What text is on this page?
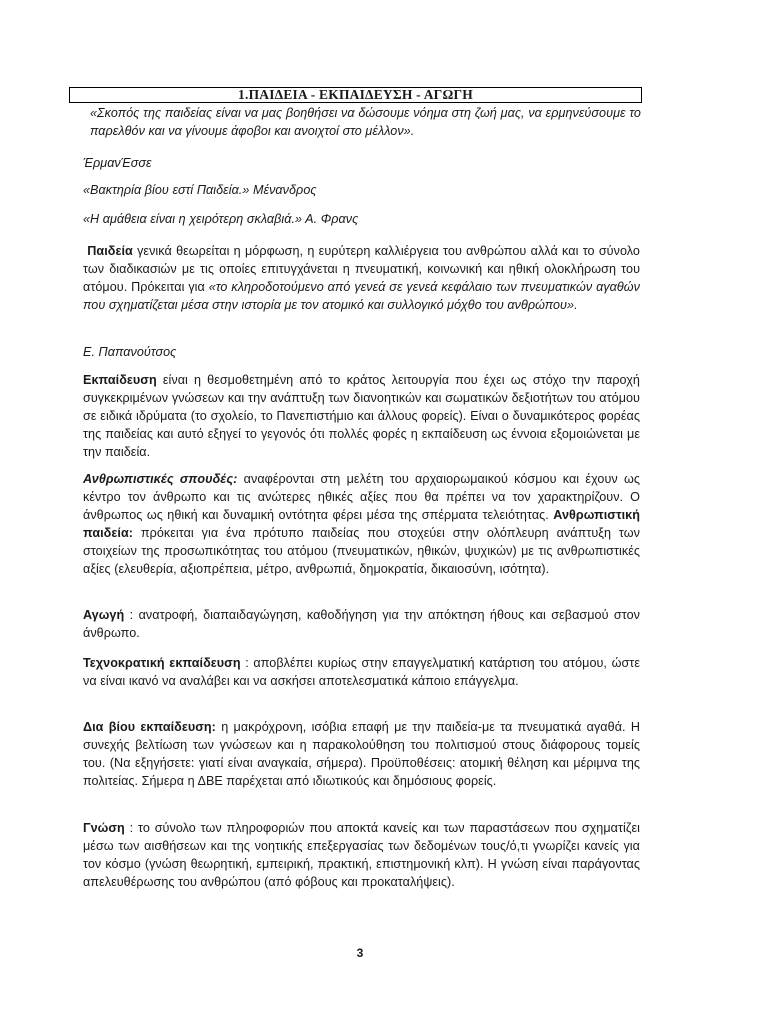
1.ΠΑΙΔΕΙΑ - ΕΚΠΑΙΔΕΥΣΗ - ΑΓΩΓΗ
«Σκοπός της παιδείας είναι να μας βοηθήσει να δώσουμε νόημα στη ζωή μας, να ερμηνεύσουμε το παρελθόν και να γίνουμε άφοβοι και ανοιχτοί στο μέλλον».
ΈρμανΈσσε
«Βακτηρία βίου εστί Παιδεία.» Μένανδρος
«Η αμάθεια είναι η χειρότερη σκλαβιά.» Α. Φρανς
Παιδεία γενικά θεωρείται η μόρφωση, η ευρύτερη καλλιέργεια του ανθρώπου αλλά και το σύνολο των διαδικασιών με τις οποίες επιτυγχάνεται η πνευματική, κοινωνική και ηθική ολοκλήρωση του ατόμου. Πρόκειται για «το κληροδοτούμενο από γενεά σε γενεά κεφάλαιο των πνευματικών αγαθών που σχηματίζεται μέσα στην ιστορία με τον ατομικό και συλλογικό μόχθο του ανθρώπου».
Ε. Παπανούτσος
Εκπαίδευση είναι η θεσμοθετημένη από το κράτος λειτουργία που έχει ως στόχο την παροχή συγκεκριμένων γνώσεων και την ανάπτυξη των διανοητικών και σωματικών δεξιοτήτων του ατόμου σε ειδικά ιδρύματα (το σχολείο, το Πανεπιστήμιο και άλλους φορείς). Είναι ο δυναμικότερος φορέας της παιδείας και αυτό εξηγεί το γεγονός ότι πολλές φορές η εκπαίδευση ως έννοια εξομοιώνεται με την παιδεία.
Ανθρωπιστικές σπουδές: αναφέρονται στη μελέτη του αρχαιορωμαικού κόσμου και έχουν ως κέντρο τον άνθρωπο και τις ανώτερες ηθικές αξίες που θα πρέπει να τον χαρακτηρίζουν. Ο άνθρωπος ως ηθική και δυναμική οντότητα φέρει μέσα της σπέρματα τελειότητας. Ανθρωπιστική παιδεία: πρόκειται για ένα πρότυπο παιδείας που στοχεύει στην ολόπλευρη ανάπτυξη των στοιχείων της προσωπικότητας του ατόμου (πνευματικών, ηθικών, ψυχικών) με τις ανθρωπιστικές αξίες (ελευθερία, αξιοπρέπεια, μέτρο, ανθρωπιά, δημοκρατία, δικαιοσύνη, ισότητα).
Αγωγή : ανατροφή, διαπαιδαγώγηση, καθοδήγηση για την απόκτηση ήθους και σεβασμού στον άνθρωπο.
Τεχνοκρατική εκπαίδευση : αποβλέπει κυρίως στην επαγγελματική κατάρτιση του ατόμου, ώστε να είναι ικανό να αναλάβει και να ασκήσει αποτελεσματικά κάποιο επάγγελμα.
Δια βίου εκπαίδευση: η μακρόχρονη, ισόβια επαφή με την παιδεία-με τα πνευματικά αγαθά. Η συνεχής βελτίωση των γνώσεων και η παρακολούθηση του πολιτισμού στους διάφορους τομείς του. (Να εξηγήσετε: γιατί είναι αναγκαία, σήμερα). Προϋποθέσεις: ατομική θέληση και μέριμνα της πολιτείας. Σήμερα η ΔΒΕ παρέχεται από ιδιωτικούς και δημόσιους φορείς.
Γνώση : το σύνολο των πληροφοριών που αποκτά κανείς και των παραστάσεων που σχηματίζει μέσω των αισθήσεων και της νοητικής επεξεργασίας των δεδομένων τους/ό,τι γνωρίζει κανείς για τον κόσμο (γνώση θεωρητική, εμπειρική, πρακτική, επιστημονική κλπ). Η γνώση είναι παράγοντας απελευθέρωσης του ανθρώπου (από φόβους και προκαταλήψεις).
3
